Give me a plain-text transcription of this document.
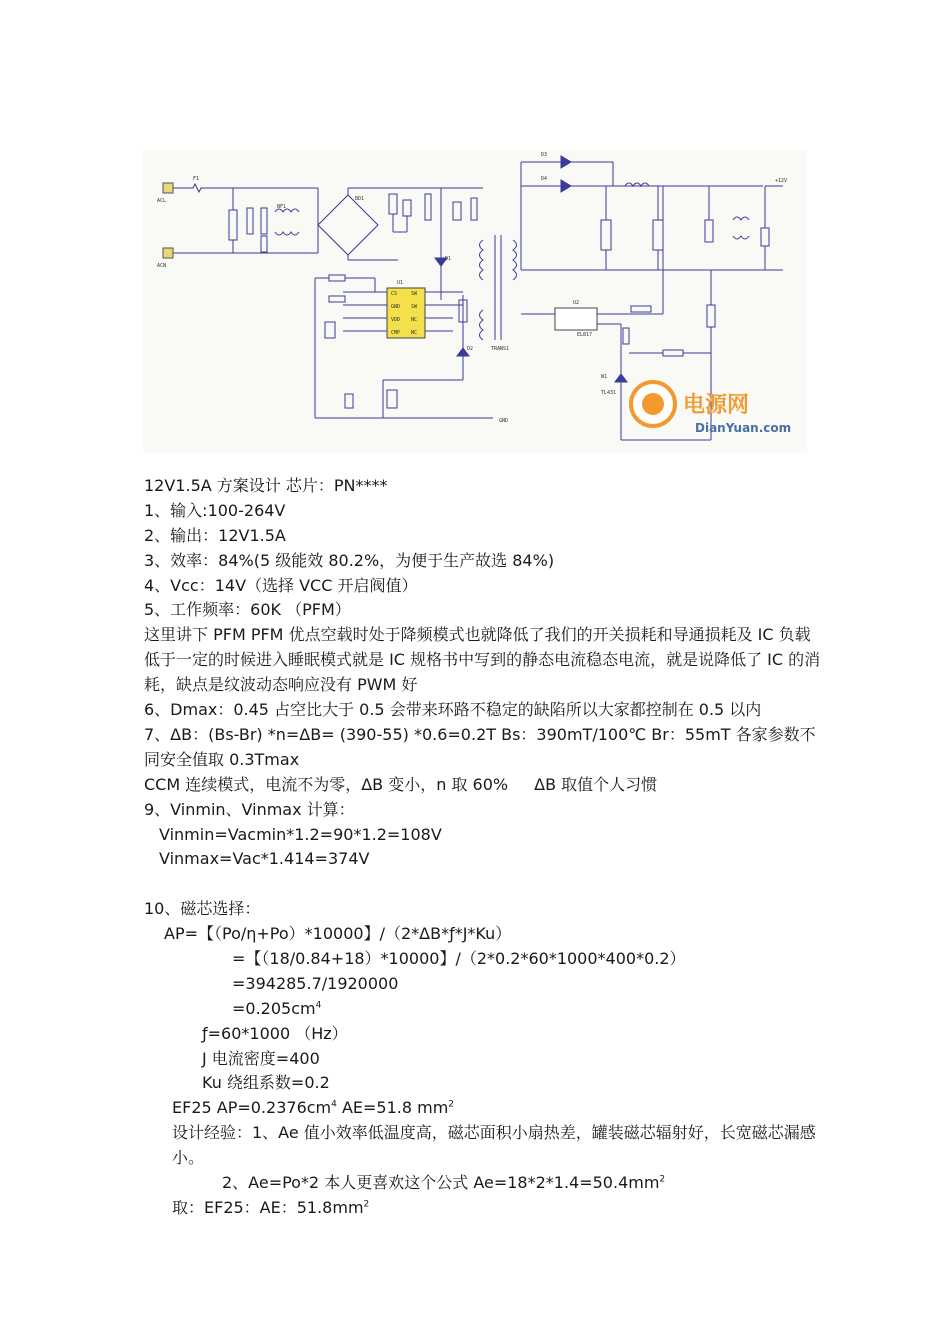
电源网
DianYuan.com
ACL
ACN
F1
BD1
NF1
U1
U2
TRANS1
D1
D2
D3
D4
W1
TL431
EL817
+12V
GND
CS
GND
VDD
CMP
SW
SW
NC
NC
12V1.5A 方案设计 芯片：PN****
1、输入:100-264V
2、输出：12V1.5A
3、效率：84%(5 级能效 80.2%，为便于生产故选 84%)
4、Vcc：14V（选择 VCC 开启阀值）
5、工作频率：60K （PFM）
这里讲下 PFM PFM 优点空载时处于降频模式也就降低了我们的开关损耗和导通损耗及 IC 负载低于一定的时候进入睡眠模式就是 IC 规格书中写到的静态电流稳态电流，就是说降低了 IC 的消耗，缺点是纹波动态响应没有 PWM 好
6、Dmax：0.45 占空比大于 0.5 会带来环路不稳定的缺陷所以大家都控制在 0.5 以内
7、ΔB：(Bs-Br) *n=ΔB= (390-55) *0.6=0.2T Bs：390mT/100℃ Br：55mT 各家参数不同安全值取 0.3Tmax
CCM 连续模式，电流不为零，ΔB 变小，n 取 60% ΔB 取值个人习惯
9、Vinmin、Vinmax 计算：
Vinmin=Vacmin*1.2=90*1.2=108V
Vinmax=Vac*1.414=374V
10、磁芯选择：
AP=【（Po/η+Po）*10000】/（2*ΔB*ƒ*J*Ku）
=【（18/0.84+18）*10000】/（2*0.2*60*1000*400*0.2）
=394285.7/1920000
$=0.205cm^4$
ƒ=60*1000 （Hz）
J 电流密度=400
Ku 绕组系数=0.2
EF25 $AP=0.2376cm^4$ AE=51.8 $mm^2$
设计经验：1、Ae 值小效率低温度高，磁芯面积小扇热差，罐装磁芯辐射好，长宽磁芯漏感小。
2、Ae=Po*2 本人更喜欢这个公式 $Ae=18*2*1.4=50.4mm^2$
取：EF25：AE：$51.8mm^2$
